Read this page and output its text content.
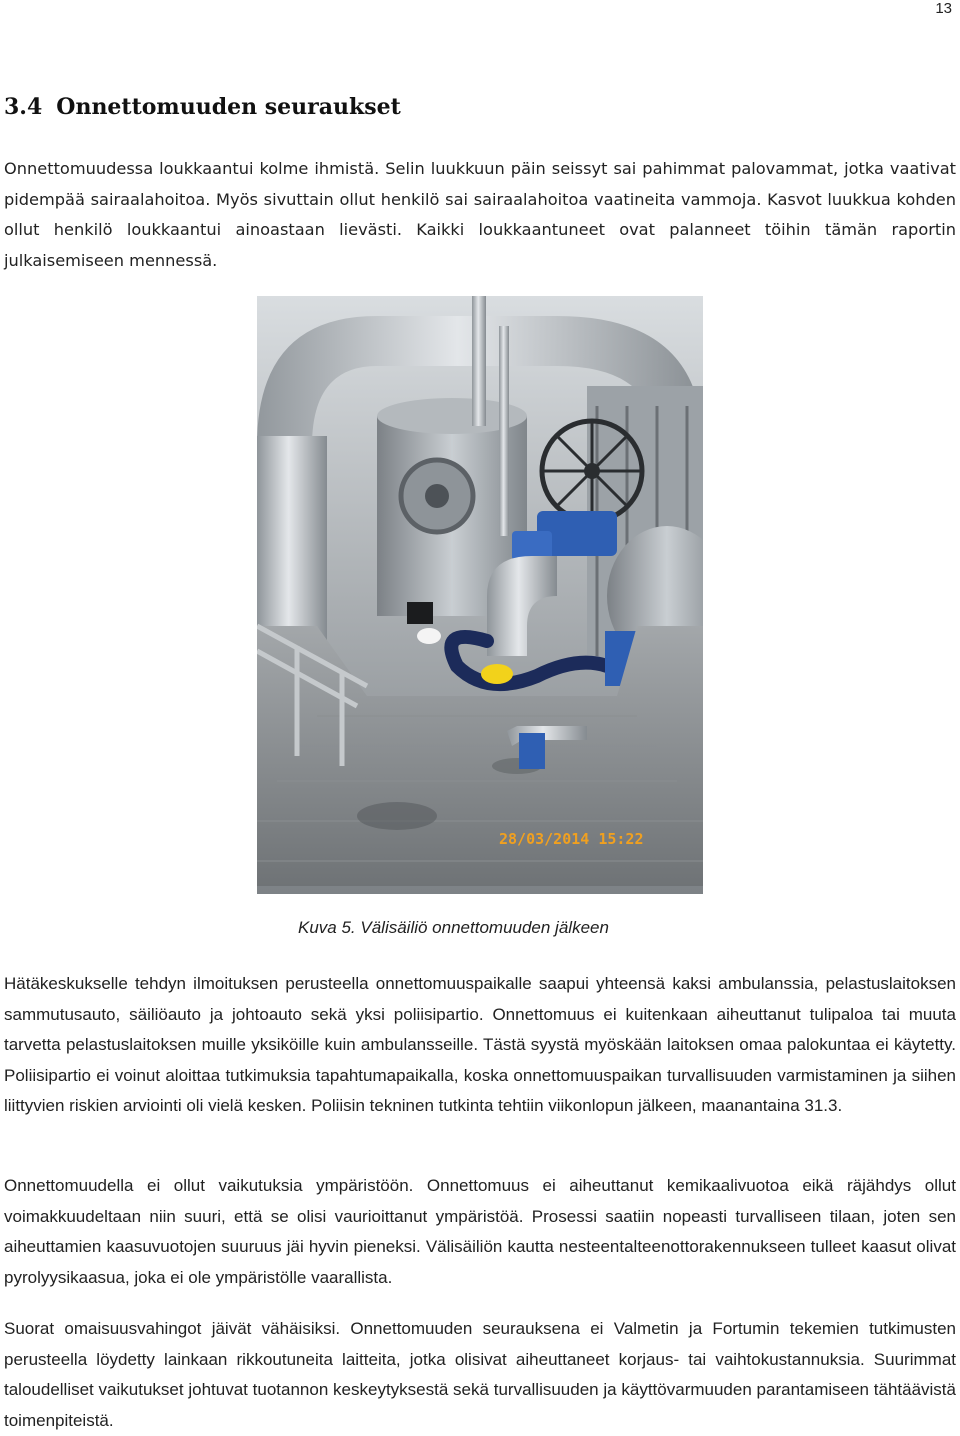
13
3.4 Onnettomuuden seuraukset

Onnettomuudessa loukkaantui kolme ihmistä. Selin luukkuun päin seissyt sai pahimmat palovammat, jotka vaativat pidempää sairaalahoitoa. Myös sivuttain ollut henkilö sai sairaalahoitoa vaatineita vammoja. Kasvot luukkua kohden ollut henkilö loukkaantui ainoastaan lievästi. Kaikki loukkaantuneet ovat palanneet töihin tämän raportin julkaisemiseen mennessä.

28/03/2014 15:22

Kuva 5. Välisäiliö onnettomuuden jälkeen

Hätäkeskukselle tehdyn ilmoituksen perusteella onnettomuuspaikalle saapui yhteensä kaksi ambulanssia, pelastuslaitoksen sammutusauto, säiliöauto ja johtoauto sekä yksi poliisipartio. Onnettomuus ei kuitenkaan aiheuttanut tulipaloa tai muuta tarvetta pelastuslaitoksen muille yksiköille kuin ambulansseille. Tästä syystä myöskään laitoksen omaa palokuntaa ei käytetty. Poliisipartio ei voinut aloittaa tutkimuksia tapahtumapaikalla, koska onnettomuuspaikan turvallisuuden varmistaminen ja siihen liittyvien riskien arviointi oli vielä kesken. Poliisin tekninen tutkinta tehtiin viikonlopun jälkeen, maanantaina 31.3.

Onnettomuudella ei ollut vaikutuksia ympäristöön. Onnettomuus ei aiheuttanut kemikaalivuotoa eikä räjähdys ollut voimakkuudeltaan niin suuri, että se olisi vaurioittanut ympäristöä. Prosessi saatiin nopeasti turvalliseen tilaan, joten sen aiheuttamien kaasuvuotojen suuruus jäi hyvin pieneksi. Välisäiliön kautta nesteentalteenottorakennukseen tulleet kaasut olivat pyrolyysikaasua, joka ei ole ympäristölle vaarallista.

Suorat omaisuusvahingot jäivät vähäisiksi. Onnettomuuden seurauksena ei Valmetin ja Fortumin tekemien tutkimusten perusteella löydetty lainkaan rikkoutuneita laitteita, jotka olisivat aiheuttaneet korjaus- tai vaihtokustannuksia. Suurimmat taloudelliset vaikutukset johtuvat tuotannon keskeytyksestä sekä turvallisuuden ja käyttövarmuuden parantamiseen tähtäävistä toimenpiteistä.
